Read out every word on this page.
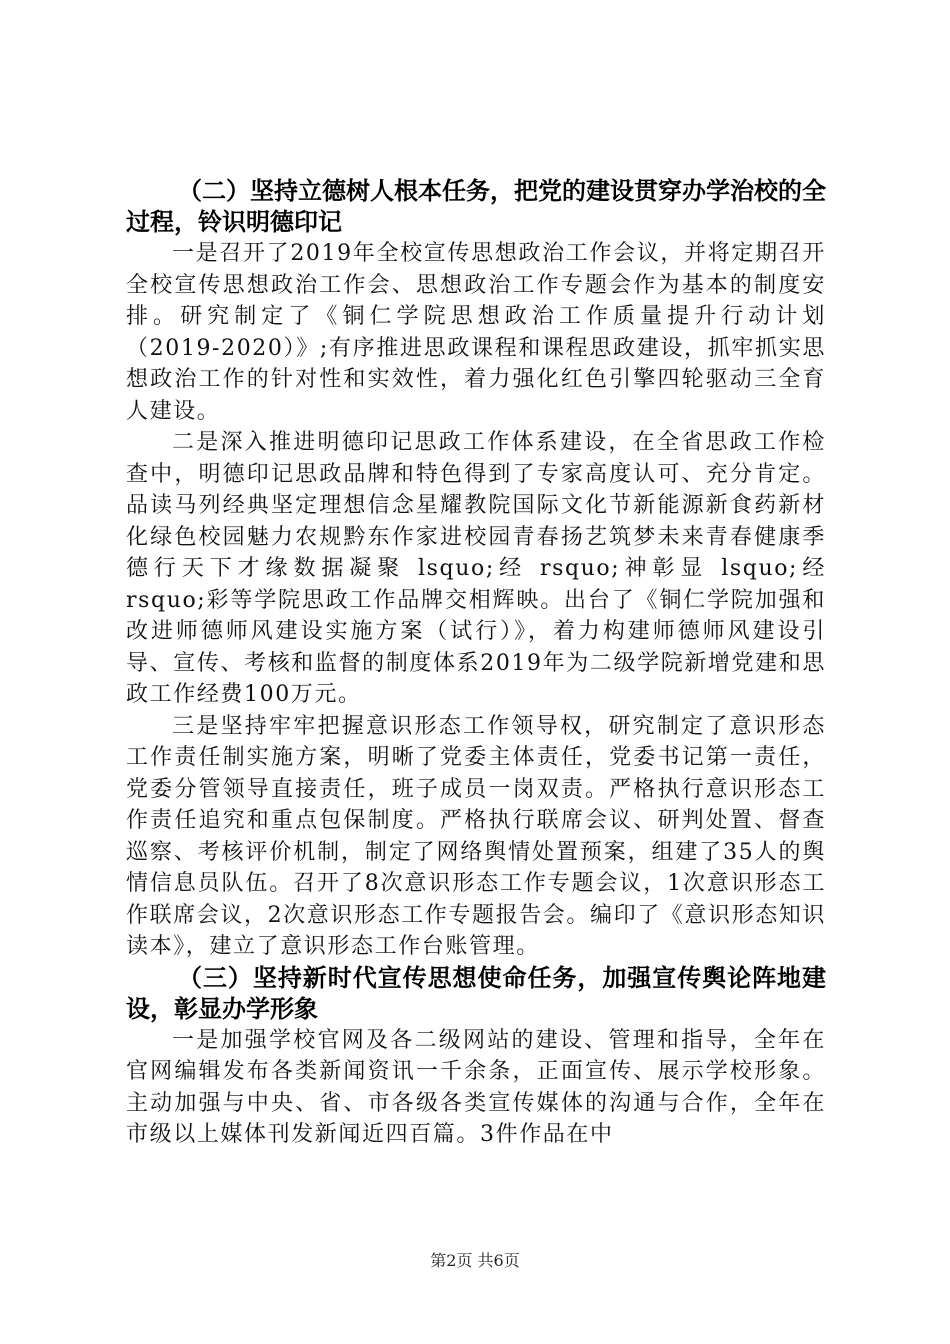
（二）坚持立德树人根本任务，把党的建设贯穿办学治校的全过程，铃识明德印记

一是召开了2019年全校宣传思想政治工作会议，并将定期召开全校宣传思想政治工作会、思想政治工作专题会作为基本的制度安排。研究制定了《铜仁学院思想政治工作质量提升行动计划（2019-2020）》;有序推进思政课程和课程思政建设，抓牢抓实思想政治工作的针对性和实效性，着力强化红色引擎四轮驱动三全育人建设。

二是深入推进明德印记思政工作体系建设，在全省思政工作检查中，明德印记思政品牌和特色得到了专家高度认可、充分肯定。品读马列经典坚定理想信念星耀教院国际文化节新能源新食药新材化绿色校园魅力农规黔东作家进校园青春扬艺筑梦未来青春健康季德行天下才缘数据凝聚 lsquo;经 rsquo;神彰显 lsquo;经 rsquo;彩等学院思政工作品牌交相辉映。出台了《铜仁学院加强和改进师德师风建设实施方案（试行）》，着力构建师德师风建设引导、宣传、考核和监督的制度体系2019年为二级学院新增党建和思政工作经费100万元。

三是坚持牢牢把握意识形态工作领导权，研究制定了意识形态工作责任制实施方案，明晰了党委主体责任，党委书记第一责任，党委分管领导直接责任，班子成员一岗双责。严格执行意识形态工作责任追究和重点包保制度。严格执行联席会议、研判处置、督查巡察、考核评价机制，制定了网络舆情处置预案，组建了35人的舆情信息员队伍。召开了8次意识形态工作专题会议，1次意识形态工作联席会议，2次意识形态工作专题报告会。编印了《意识形态知识读本》，建立了意识形态工作台账管理。

（三）坚持新时代宣传思想使命任务，加强宣传舆论阵地建设，彰显办学形象

一是加强学校官网及各二级网站的建设、管理和指导，全年在官网编辑发布各类新闻资讯一千余条，正面宣传、展示学校形象。主动加强与中央、省、市各级各类宣传媒体的沟通与合作，全年在市级以上媒体刊发新闻近四百篇。3件作品在中

第2页 共6页
